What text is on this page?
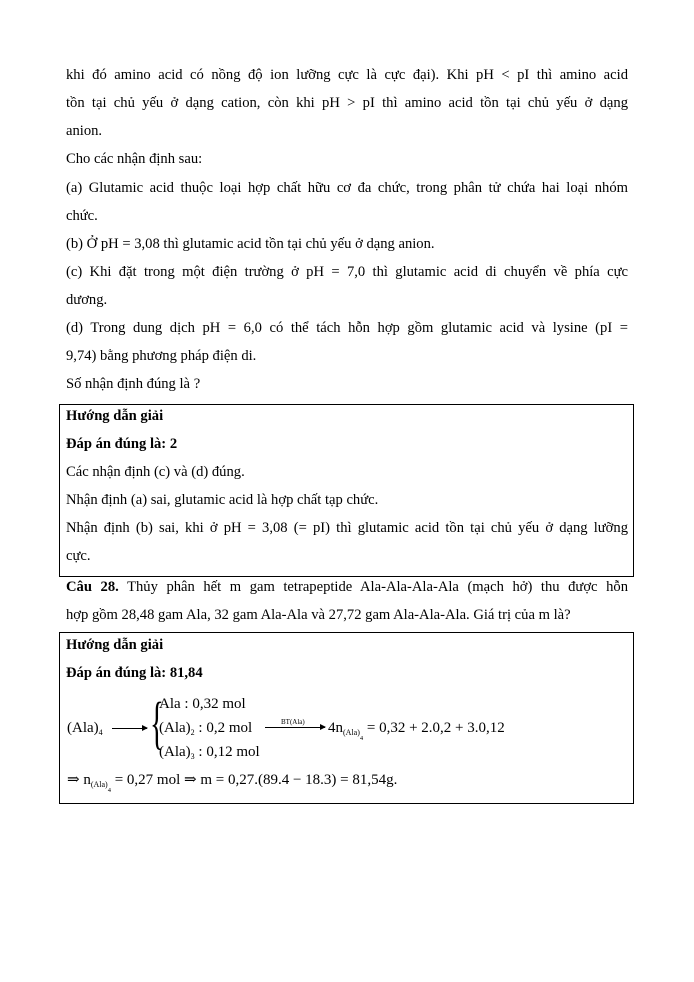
khi đó amino acid có nồng độ ion lưỡng cực là cực đại). Khi pH < pI thì amino acid
tồn tại chủ yếu ở dạng cation, còn khi pH > pI thì amino acid tồn tại chủ yếu ở dạng
anion.
Cho các nhận định sau:
(a) Glutamic acid thuộc loại hợp chất hữu cơ đa chức, trong phân tử chứa hai loại nhóm
chức.
(b) Ở pH = 3,08 thì glutamic acid tồn tại chủ yếu ở dạng anion.
(c) Khi đặt trong một điện trường ở pH = 7,0 thì glutamic acid di chuyển về phía cực
dương.
(d) Trong dung dịch pH = 6,0 có thể tách hỗn hợp gồm glutamic acid và lysine (pI =
9,74) bằng phương pháp điện di.
Số nhận định đúng là ?
Hướng dẫn giải
Đáp án đúng là: 2
Các nhận định (c) và (d) đúng.
Nhận định (a) sai, glutamic acid là hợp chất tạp chức.
Nhận định (b) sai, khi ở pH = 3,08 (= pI) thì glutamic acid tồn tại chủ yếu ở dạng lưỡng
cực.
Câu 28. Thủy phân hết m gam tetrapeptide Ala-Ala-Ala-Ala (mạch hở) thu được hỗn
hợp gồm 28,48 gam Ala, 32 gam Ala-Ala và 27,72 gam Ala-Ala-Ala. Giá trị của m là?
Hướng dẫn giải
Đáp án đúng là: 81,84
$(Ala)_4$ → {
Ala : 0,32 mol
$(Ala)_2$ : 0,2 mol
$(Ala)_3$ : 0,12 mol
BT(Ala) $4n_{(Ala)_4} = 0,32 + 2.0,2 + 3.0,12$
⇒ $n_{(Ala)_4} = 0,27$ mol ⇒ m = 0,27.(89.4 − 18.3) = 81,54g.
